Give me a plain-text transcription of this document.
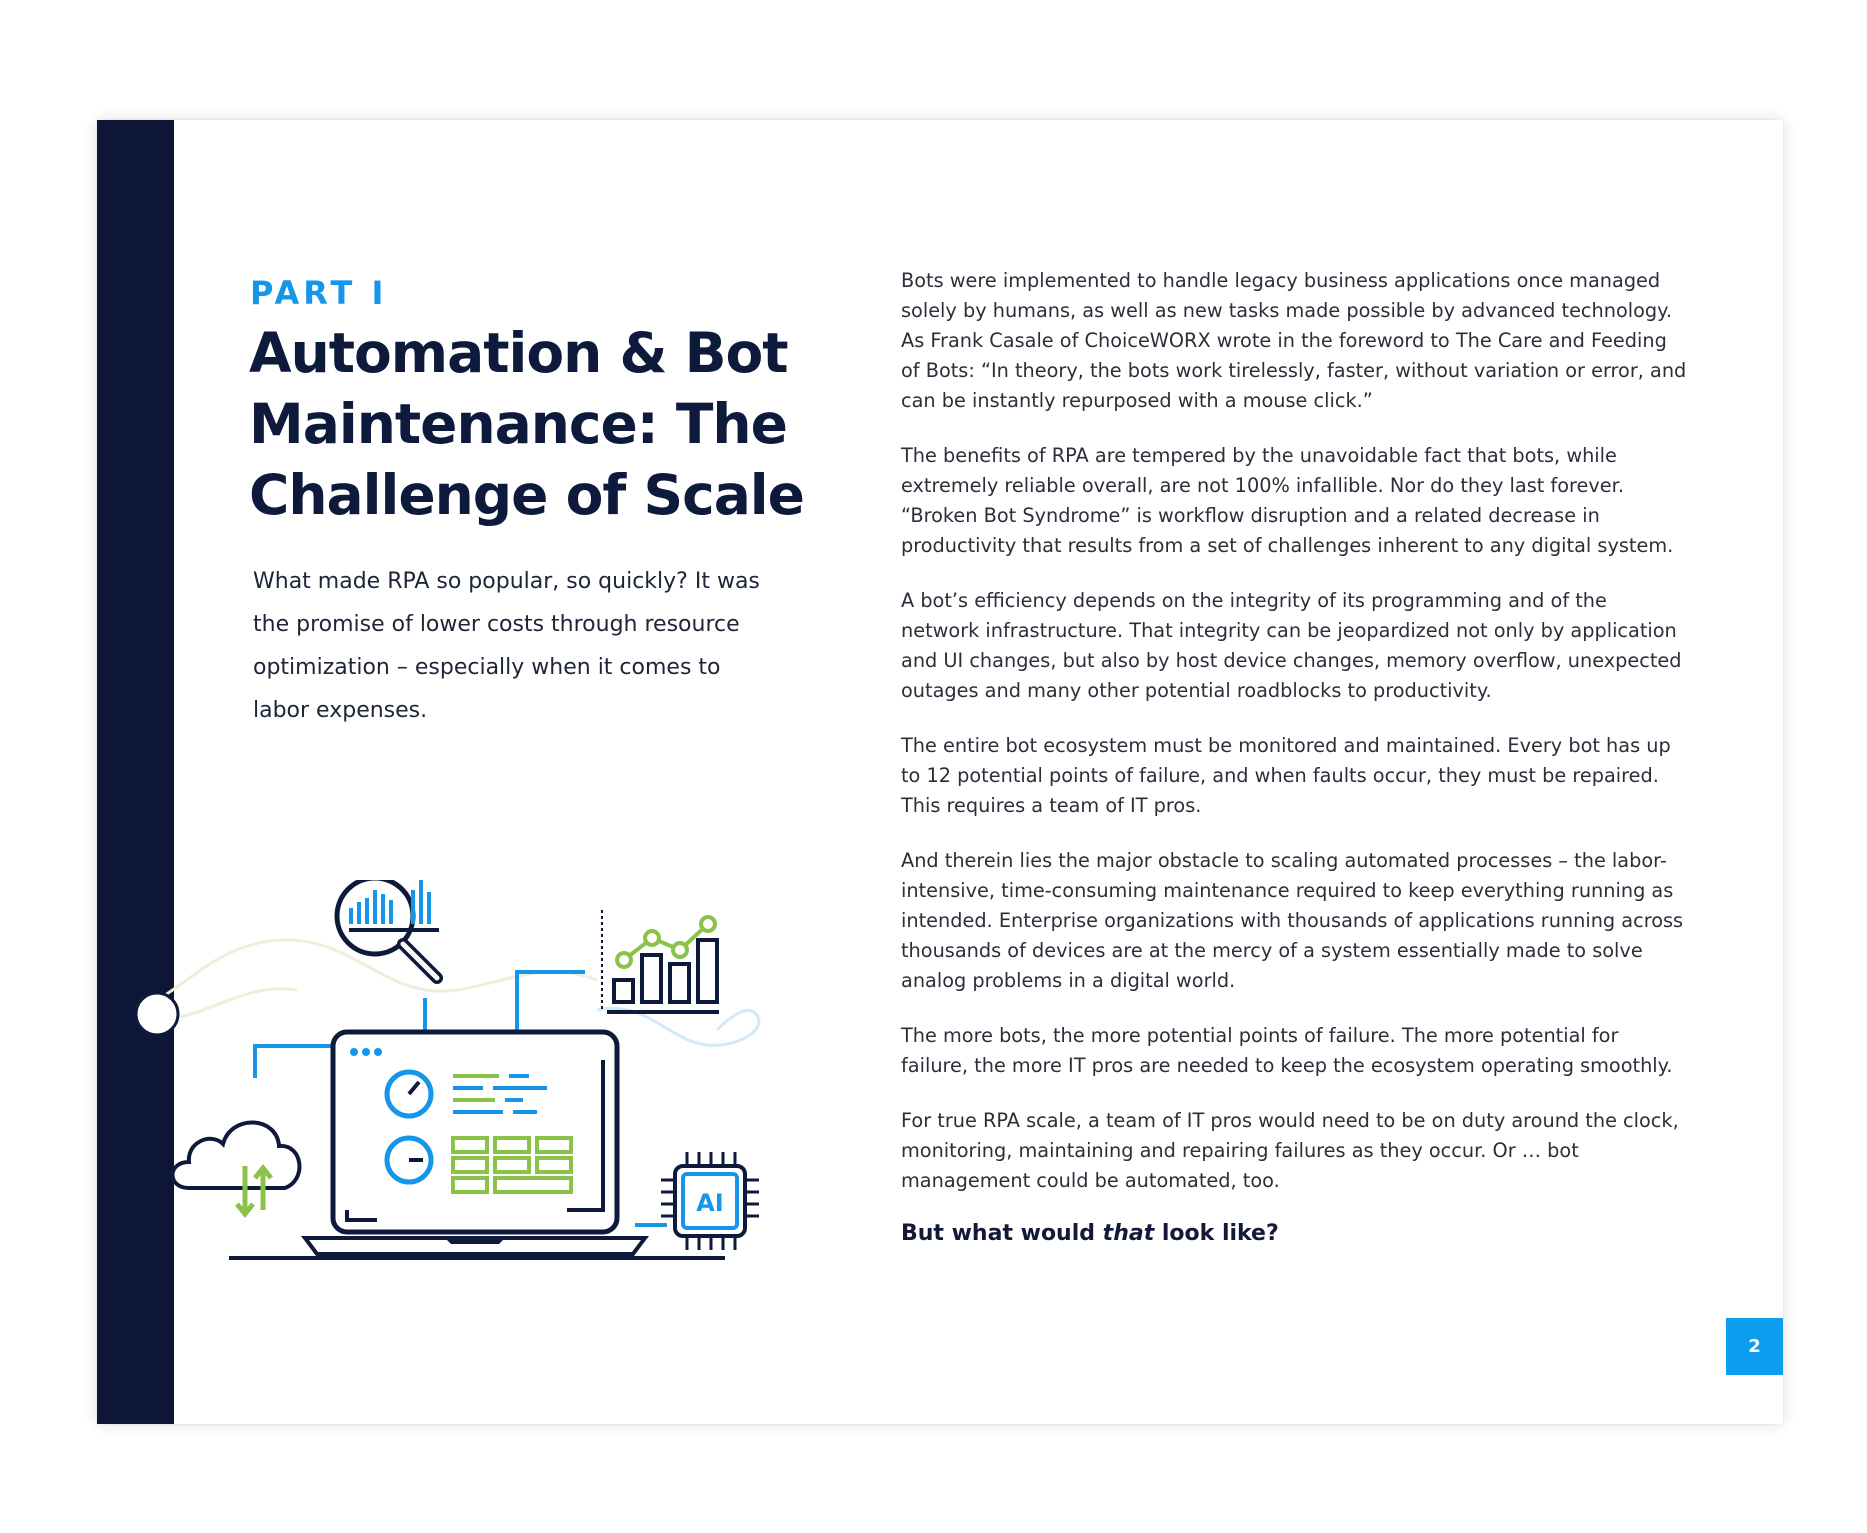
PART I
Automation & Bot Maintenance: The Challenge of Scale

What made RPA so popular, so quickly? It was the promise of lower costs through resource optimization – especially when it comes to labor expenses.

AI

Bots were implemented to handle legacy business applications once managed solely by humans, as well as new tasks made possible by advanced technology. As Frank Casale of ChoiceWORX wrote in the foreword to The Care and Feeding of Bots: “In theory, the bots work tirelessly, faster, without variation or error, and can be instantly repurposed with a mouse click.”

The benefits of RPA are tempered by the unavoidable fact that bots, while extremely reliable overall, are not 100% infallible. Nor do they last forever. “Broken Bot Syndrome” is workflow disruption and a related decrease in productivity that results from a set of challenges inherent to any digital system.

A bot’s efficiency depends on the integrity of its programming and of the network infrastructure. That integrity can be jeopardized not only by application and UI changes, but also by host device changes, memory overflow, unexpected outages and many other potential roadblocks to productivity.

The entire bot ecosystem must be monitored and maintained. Every bot has up to 12 potential points of failure, and when faults occur, they must be repaired. This requires a team of IT pros.

And therein lies the major obstacle to scaling automated processes – the labor-intensive, time-consuming maintenance required to keep everything running as intended. Enterprise organizations with thousands of applications running across thousands of devices are at the mercy of a system essentially made to solve analog problems in a digital world.

The more bots, the more potential points of failure. The more potential for failure, the more IT pros are needed to keep the ecosystem operating smoothly.

For true RPA scale, a team of IT pros would need to be on duty around the clock, monitoring, maintaining and repairing failures as they occur. Or … bot management could be automated, too.

But what would that look like?

2
